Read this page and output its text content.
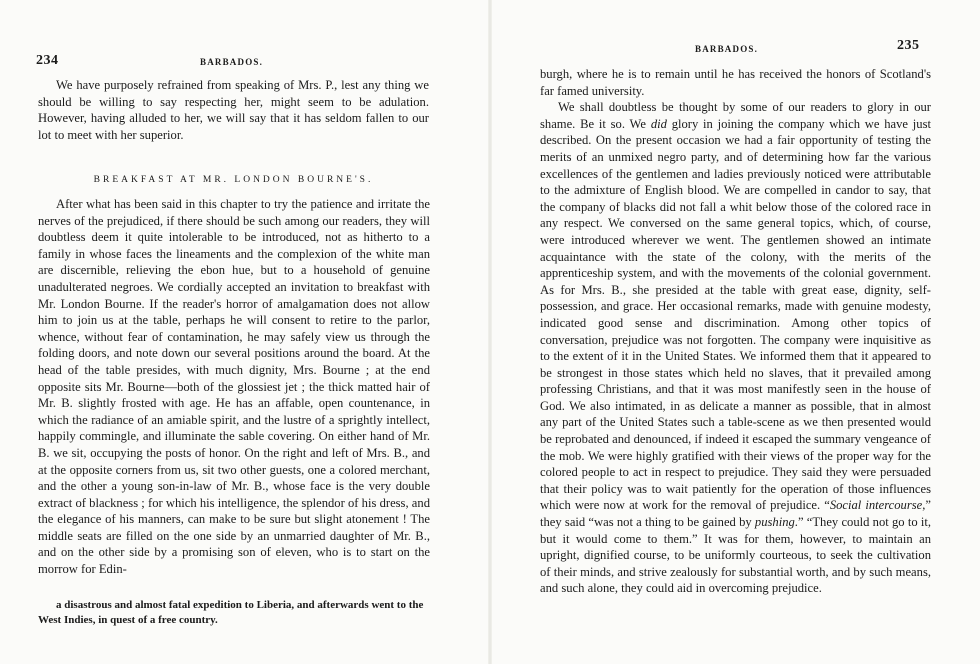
234	BARBADOS.

We have purposely refrained from speaking of Mrs. P., lest any thing we should be willing to say respecting her, might seem to be adulation. However, having alluded to her, we will say that it has seldom fallen to our lot to meet with her superior.

BREAKFAST AT MR. LONDON BOURNE'S.

After what has been said in this chapter to try the patience and irritate the nerves of the prejudiced, if there should be such among our readers, they will doubtless deem it quite intolerable to be introduced, not as hitherto to a family in whose faces the lineaments and the complexion of the white man are discernible, relieving the ebon hue, but to a household of genuine unadulterated negroes. We cordially accepted an invitation to breakfast with Mr. London Bourne. If the reader's horror of amalgamation does not allow him to join us at the table, perhaps he will consent to retire to the parlor, whence, without fear of contamination, he may safely view us through the folding doors, and note down our several positions around the board. At the head of the table presides, with much dignity, Mrs. Bourne ; at the end opposite sits Mr. Bourne—both of the glossiest jet ; the thick matted hair of Mr. B. slightly frosted with age. He has an affable, open countenance, in which the radiance of an amiable spirit, and the lustre of a sprightly intellect, happily commingle, and illuminate the sable covering. On either hand of Mr. B. we sit, occupying the posts of honor. On the right and left of Mrs. B., and at the opposite corners from us, sit two other guests, one a colored merchant, and the other a young son-in-law of Mr. B., whose face is the very double extract of blackness ; for which his intelligence, the splendor of his dress, and the elegance of his manners, can make to be sure but slight atonement ! The middle seats are filled on the one side by an unmarried daughter of Mr. B., and on the other side by a promising son of eleven, who is to start on the morrow for Edin-

a disastrous and almost fatal expedition to Liberia, and afterwards went to the West Indies, in quest of a free country.

BARBADOS.	235

burgh, where he is to remain until he has received the honors of Scotland's far famed university.

We shall doubtless be thought by some of our readers to glory in our shame. Be it so. We did glory in joining the company which we have just described. On the present occasion we had a fair opportunity of testing the merits of an unmixed negro party, and of determining how far the various excellences of the gentlemen and ladies previously noticed were attributable to the admixture of English blood. We are compelled in candor to say, that the company of blacks did not fall a whit below those of the colored race in any respect. We conversed on the same general topics, which, of course, were introduced wherever we went. The gentlemen showed an intimate acquaintance with the state of the colony, with the merits of the apprenticeship system, and with the movements of the colonial government. As for Mrs. B., she presided at the table with great ease, dignity, self-possession, and grace. Her occasional remarks, made with genuine modesty, indicated good sense and discrimination. Among other topics of conversation, prejudice was not forgotten. The company were inquisitive as to the extent of it in the United States. We informed them that it appeared to be strongest in those states which held no slaves, that it prevailed among professing Christians, and that it was most manifestly seen in the house of God. We also intimated, in as delicate a manner as possible, that in almost any part of the United States such a table-scene as we then presented would be reprobated and denounced, if indeed it escaped the summary vengeance of the mob. We were highly gratified with their views of the proper way for the colored people to act in respect to prejudice. They said they were persuaded that their policy was to wait patiently for the operation of those influences which were now at work for the removal of prejudice. “Social intercourse,” they said “was not a thing to be gained by pushing.” “They could not go to it, but it would come to them.” It was for them, however, to maintain an upright, dignified course, to be uniformly courteous, to seek the cultivation of their minds, and strive zealously for substantial worth, and by such means, and such alone, they could aid in overcoming prejudice.
